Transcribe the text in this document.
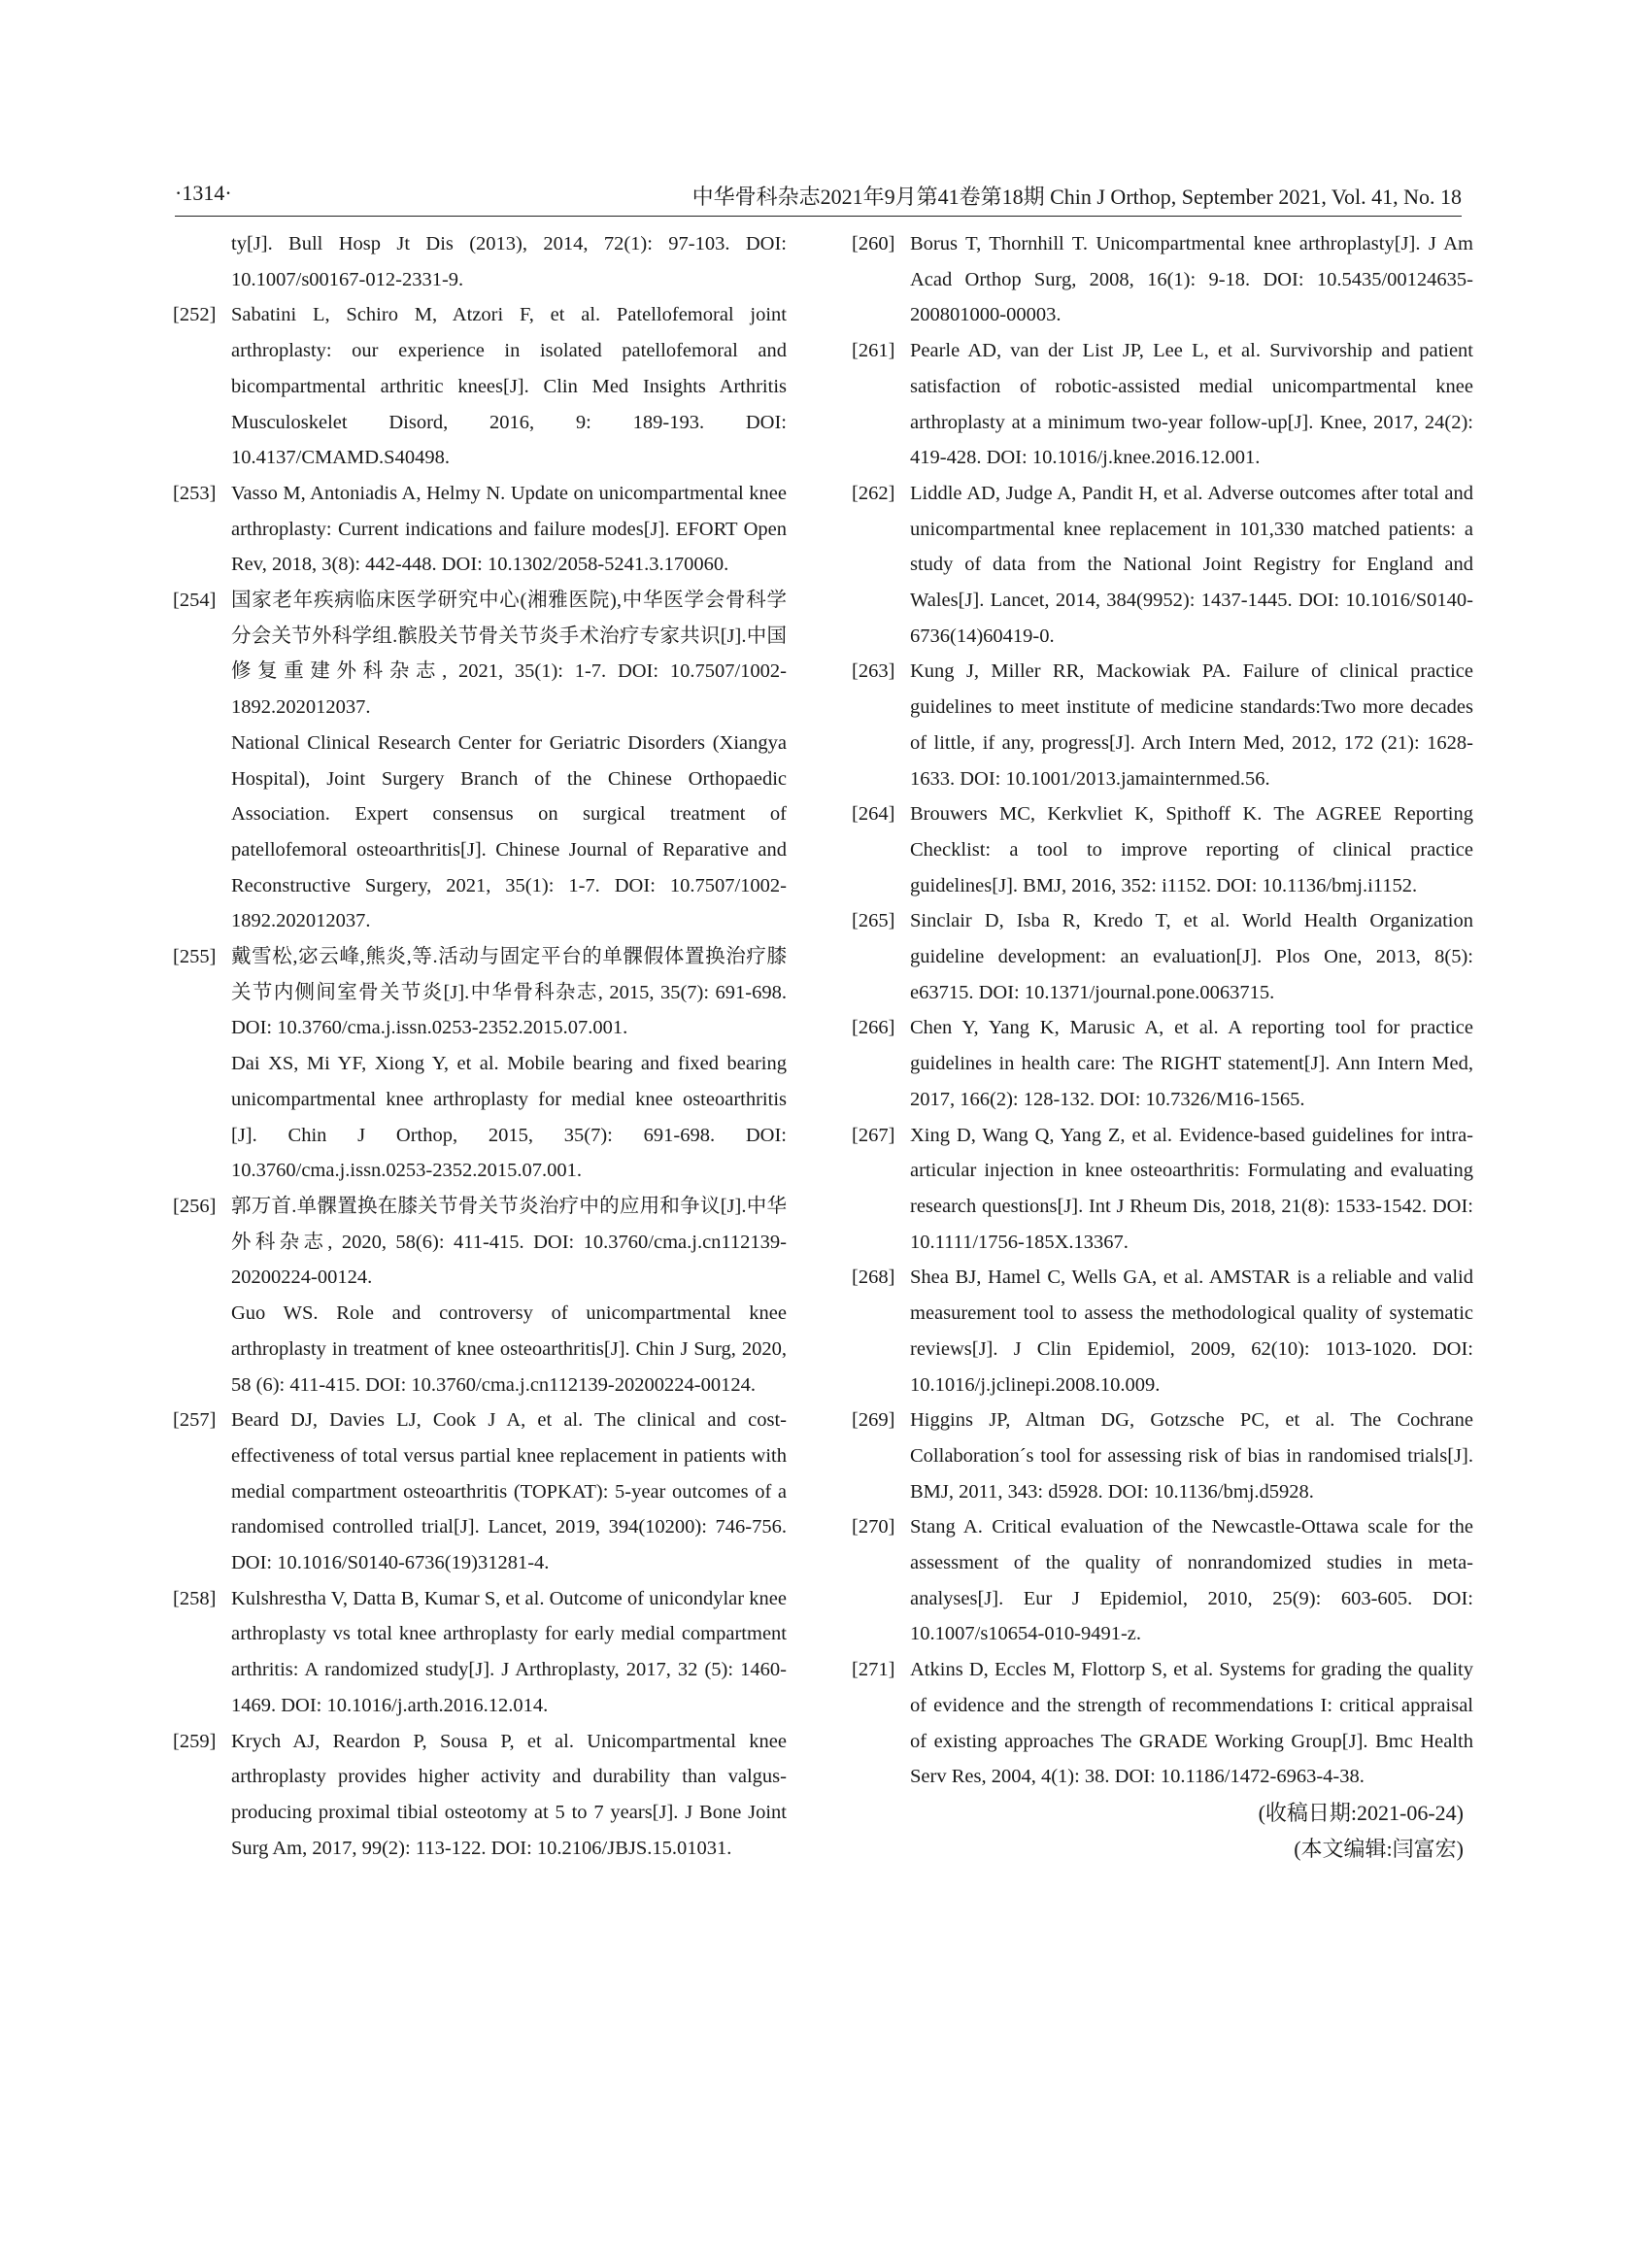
·1314·	中华骨科杂志2021年9月第41卷第18期 Chin J Orthop, September 2021, Vol. 41, No. 18
ty[J]. Bull Hosp Jt Dis (2013), 2014, 72(1): 97-103. DOI: 10.1007/s00167-012-2331-9.
[252] Sabatini L, Schiro M, Atzori F, et al. Patellofemoral joint arthroplasty: our experience in isolated patellofemoral and bicompartmental arthritic knees[J]. Clin Med Insights Arthritis Musculoskelet Disord, 2016, 9: 189-193. DOI: 10.4137/CMAMD.S40498.
[253] Vasso M, Antoniadis A, Helmy N. Update on unicompartmental knee arthroplasty: Current indications and failure modes[J]. EFORT Open Rev, 2018, 3(8): 442-448. DOI: 10.1302/2058-5241.3.170060.
[254] 国家老年疾病临床医学研究中心(湘雅医院),中华医学会骨科学分会关节外科学组.髌股关节骨关节炎手术治疗专家共识[J].中国修复重建外科杂志, 2021, 35(1): 1-7. DOI: 10.7507/1002-1892.202012037.
National Clinical Research Center for Geriatric Disorders (Xiangya Hospital), Joint Surgery Branch of the Chinese Orthopaedic Association. Expert consensus on surgical treatment of patellofemoral osteoarthritis[J]. Chinese Journal of Reparative and Reconstructive Surgery, 2021, 35(1): 1-7. DOI: 10.7507/1002-1892.202012037.
[255] 戴雪松,宓云峰,熊炎,等.活动与固定平台的单髁假体置换治疗膝关节内侧间室骨关节炎[J].中华骨科杂志, 2015, 35(7): 691-698. DOI: 10.3760/cma.j.issn.0253-2352.2015.07.001.
Dai XS, Mi YF, Xiong Y, et al. Mobile bearing and fixed bearing unicompartmental knee arthroplasty for medial knee osteoarthritis [J]. Chin J Orthop, 2015, 35(7): 691-698. DOI: 10.3760/cma.j.issn.0253-2352.2015.07.001.
[256] 郭万首.单髁置换在膝关节骨关节炎治疗中的应用和争议[J].中华外科杂志, 2020, 58(6): 411-415. DOI: 10.3760/cma.j.cn112139-20200224-00124.
Guo WS. Role and controversy of unicompartmental knee arthroplasty in treatment of knee osteoarthritis[J]. Chin J Surg, 2020, 58 (6): 411-415. DOI: 10.3760/cma.j.cn112139-20200224-00124.
[257] Beard DJ, Davies LJ, Cook J A, et al. The clinical and cost-effectiveness of total versus partial knee replacement in patients with medial compartment osteoarthritis (TOPKAT): 5-year outcomes of a randomised controlled trial[J]. Lancet, 2019, 394(10200): 746-756. DOI: 10.1016/S0140-6736(19)31281-4.
[258] Kulshrestha V, Datta B, Kumar S, et al. Outcome of unicondylar knee arthroplasty vs total knee arthroplasty for early medial compartment arthritis: A randomized study[J]. J Arthroplasty, 2017, 32 (5): 1460-1469. DOI: 10.1016/j.arth.2016.12.014.
[259] Krych AJ, Reardon P, Sousa P, et al. Unicompartmental knee arthroplasty provides higher activity and durability than valgus-producing proximal tibial osteotomy at 5 to 7 years[J]. J Bone Joint Surg Am, 2017, 99(2): 113-122. DOI: 10.2106/JBJS.15.01031.
[260] Borus T, Thornhill T. Unicompartmental knee arthroplasty[J]. J Am Acad Orthop Surg, 2008, 16(1): 9-18. DOI: 10.5435/00124635-200801000-00003.
[261] Pearle AD, van der List JP, Lee L, et al. Survivorship and patient satisfaction of robotic-assisted medial unicompartmental knee arthroplasty at a minimum two-year follow-up[J]. Knee, 2017, 24(2): 419-428. DOI: 10.1016/j.knee.2016.12.001.
[262] Liddle AD, Judge A, Pandit H, et al. Adverse outcomes after total and unicompartmental knee replacement in 101,330 matched patients: a study of data from the National Joint Registry for England and Wales[J]. Lancet, 2014, 384(9952): 1437-1445. DOI: 10.1016/S0140-6736(14)60419-0.
[263] Kung J, Miller RR, Mackowiak PA. Failure of clinical practice guidelines to meet institute of medicine standards:Two more decades of little, if any, progress[J]. Arch Intern Med, 2012, 172 (21): 1628-1633. DOI: 10.1001/2013.jamainternmed.56.
[264] Brouwers MC, Kerkvliet K, Spithoff K. The AGREE Reporting Checklist: a tool to improve reporting of clinical practice guidelines[J]. BMJ, 2016, 352: i1152. DOI: 10.1136/bmj.i1152.
[265] Sinclair D, Isba R, Kredo T, et al. World Health Organization guideline development: an evaluation[J]. Plos One, 2013, 8(5): e63715. DOI: 10.1371/journal.pone.0063715.
[266] Chen Y, Yang K, Marusic A, et al. A reporting tool for practice guidelines in health care: The RIGHT statement[J]. Ann Intern Med, 2017, 166(2): 128-132. DOI: 10.7326/M16-1565.
[267] Xing D, Wang Q, Yang Z, et al. Evidence-based guidelines for intra-articular injection in knee osteoarthritis: Formulating and evaluating research questions[J]. Int J Rheum Dis, 2018, 21(8): 1533-1542. DOI: 10.1111/1756-185X.13367.
[268] Shea BJ, Hamel C, Wells GA, et al. AMSTAR is a reliable and valid measurement tool to assess the methodological quality of systematic reviews[J]. J Clin Epidemiol, 2009, 62(10): 1013-1020. DOI: 10.1016/j.jclinepi.2008.10.009.
[269] Higgins JP, Altman DG, Gotzsche PC, et al. The Cochrane Collaboration´s tool for assessing risk of bias in randomised trials[J]. BMJ, 2011, 343: d5928. DOI: 10.1136/bmj.d5928.
[270] Stang A. Critical evaluation of the Newcastle-Ottawa scale for the assessment of the quality of nonrandomized studies in meta-analyses[J]. Eur J Epidemiol, 2010, 25(9): 603-605. DOI: 10.1007/s10654-010-9491-z.
[271] Atkins D, Eccles M, Flottorp S, et al. Systems for grading the quality of evidence and the strength of recommendations I: critical appraisal of existing approaches The GRADE Working Group[J]. Bmc Health Serv Res, 2004, 4(1): 38. DOI: 10.1186/1472-6963-4-38.
(收稿日期:2021-06-24)
(本文编辑:闫富宏)
